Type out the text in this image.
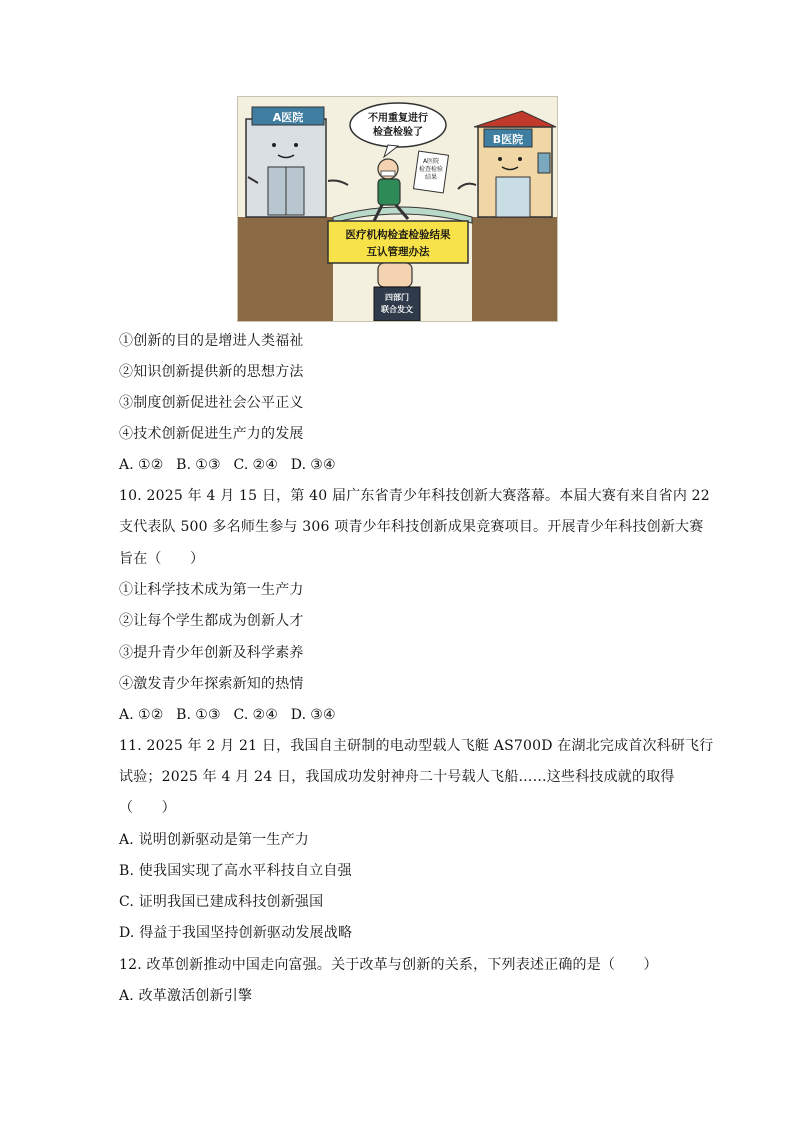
A医院
B医院
不用重复进行
检查检验了
A医院
检查检验
结果
医疗机构检查检验结果
互认管理办法
四部门
联合发文
①创新的目的是增进人类福祉
②知识创新提供新的思想方法
③制度创新促进社会公平正义
④技术创新促进生产力的发展
A. ①② B. ①③ C. ②④ D. ③④
10. 2025 年 4 月 15 日，第 40 届广东省青少年科技创新大赛落幕。本届大赛有来自省内 22
支代表队 500 多名师生参与 306 项青少年科技创新成果竞赛项目。开展青少年科技创新大赛
旨在（　　）
①让科学技术成为第一生产力
②让每个学生都成为创新人才
③提升青少年创新及科学素养
④激发青少年探索新知的热情
A. ①② B. ①③ C. ②④ D. ③④
11. 2025 年 2 月 21 日，我国自主研制的电动型载人飞艇 AS700D 在湖北完成首次科研飞行
试验；2025 年 4 月 24 日，我国成功发射神舟二十号载人飞船……这些科技成就的取得
（　　）
A. 说明创新驱动是第一生产力
B. 使我国实现了高水平科技自立自强
C. 证明我国已建成科技创新强国
D. 得益于我国坚持创新驱动发展战略
12. 改革创新推动中国走向富强。关于改革与创新的关系，下列表述正确的是（　　）
A. 改革激活创新引擎
